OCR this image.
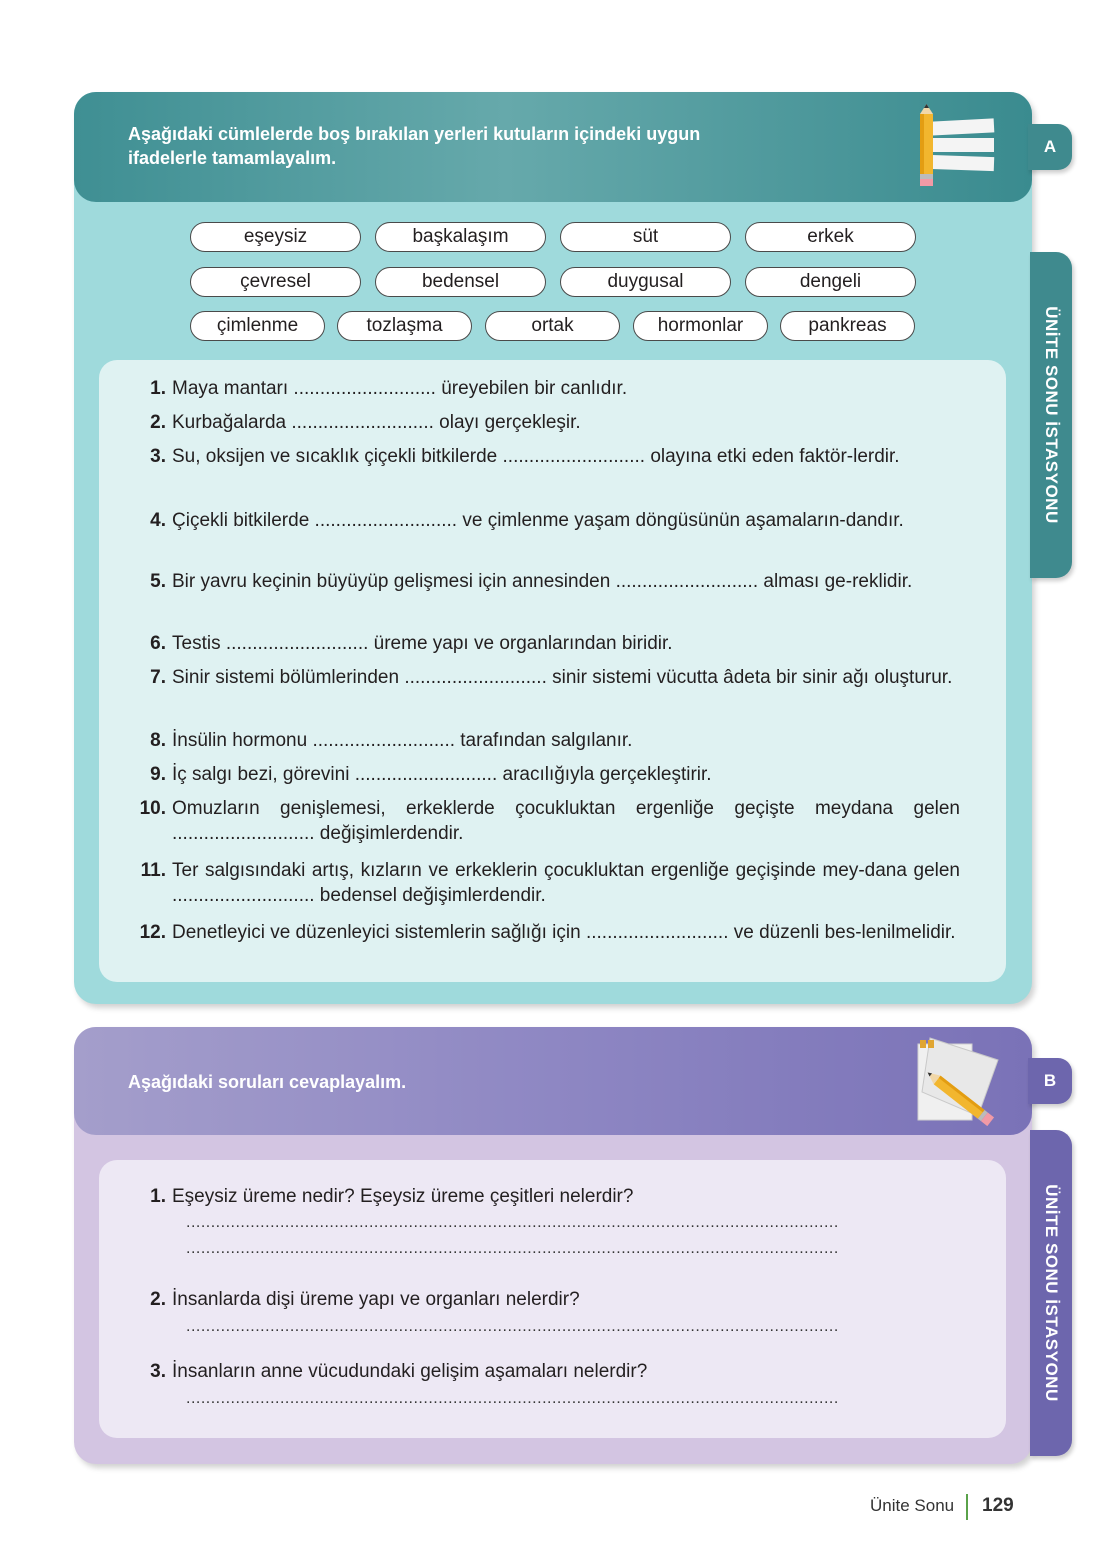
Aşağıdaki cümlelerde boş bırakılan yerleri kutuların içindeki uygun
ifadelerle tamamlayalım.
A
ÜNİTE SONU İSTASYONU
eşeysiz	başkalaşım	süt	erkek
çevresel	bedensel	duygusal	dengeli
çimlenme	tozlaşma	ortak	hormonlar	pankreas
1. Maya mantarı ........................... üreyebilen bir canlıdır.
2. Kurbağalarda ........................... olayı gerçekleşir.
3. Su, oksijen ve sıcaklık çiçekli bitkilerde ........................... olayına etki eden faktör-lerdir.
4. Çiçekli bitkilerde ........................... ve çimlenme yaşam döngüsünün aşamaların-dandır.
5. Bir yavru keçinin büyüyüp gelişmesi için annesinden ........................... alması ge-reklidir.
6. Testis ........................... üreme yapı ve organlarından biridir.
7. Sinir sistemi bölümlerinden ........................... sinir sistemi vücutta âdeta bir sinir ağı oluşturur.
8. İnsülin hormonu ........................... tarafından salgılanır.
9. İç salgı bezi, görevini ........................... aracılığıyla gerçekleştirir.
10. Omuzların genişlemesi, erkeklerde çocukluktan ergenliğe geçişte meydana gelen ........................... değişimlerdendir.
11. Ter salgısındaki artış, kızların ve erkeklerin çocukluktan ergenliğe geçişinde mey-dana gelen ........................... bedensel değişimlerdendir.
12. Denetleyici ve düzenleyici sistemlerin sağlığı için ........................... ve düzenli bes-lenilmelidir.
Aşağıdaki soruları cevaplayalım.	B
ÜNİTE SONU İSTASYONU
1. Eşeysiz üreme nedir? Eşeysiz üreme çeşitleri nelerdir?
....................................................................................................................................
....................................................................................................................................
2. İnsanlarda dişi üreme yapı ve organları nelerdir?
....................................................................................................................................
3. İnsanların anne vücudundaki gelişim aşamaları nelerdir?
....................................................................................................................................
Ünite Sonu 129
